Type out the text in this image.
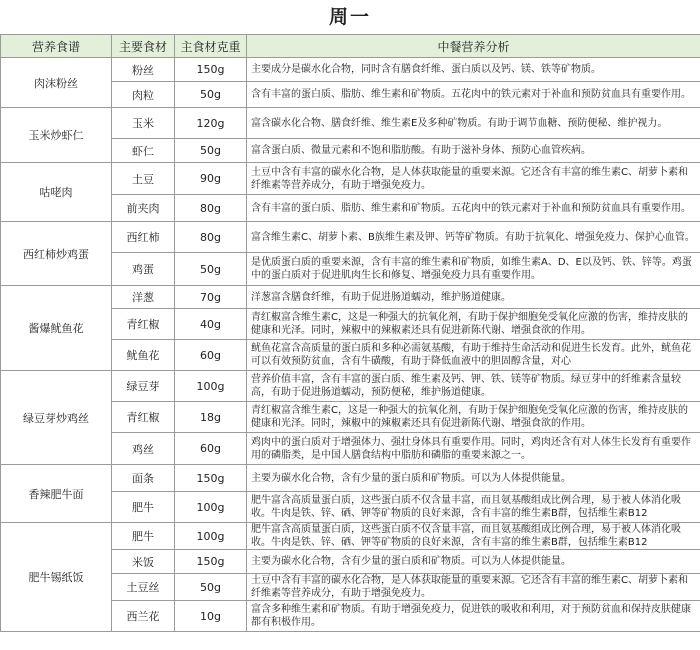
周一
营养食谱	主要食材	主食材克重	中餐营养分析
肉沫粉丝	粉丝	150g	主要成分是碳水化合物，同时含有膳食纤维、蛋白质以及钙、镁、铁等矿物质。

	肉粒	50g	含有丰富的蛋白质、脂肪、维生素和矿物质。五花肉中的铁元素对于补血和预防贫血具有重要作用。

玉米炒虾仁	玉米	120g	富含碳水化合物、膳食纤维、维生素E及多种矿物质。有助于调节血糖、预防便秘、维护视力。

	虾仁	50g	富含蛋白质、微量元素和不饱和脂肪酸。有助于滋补身体、预防心血管疾病。

咕咾肉	土豆	90g	土豆中含有丰富的碳水化合物，是人体获取能量的重要来源。它还含有丰富的维生素C、胡萝卜素和纤维素等营养成分，有助于增强免疫力。

	前夹肉	80g	含有丰富的蛋白质、脂肪、维生素和矿物质。五花肉中的铁元素对于补血和预防贫血具有重要作用。

西红柿炒鸡蛋	西红柿	80g	富含维生素C、胡萝卜素、B族维生素及钾、钙等矿物质。有助于抗氧化、增强免疫力、保护心血管。

	鸡蛋	50g	是优质蛋白质的重要来源，含有丰富的维生素和矿物质，如维生素A、D、E以及钙、铁、锌等。鸡蛋中的蛋白质对于促进肌肉生长和修复、增强免疫力具有重要作用。

酱爆鱿鱼花	洋葱	70g	洋葱富含膳食纤维，有助于促进肠道蠕动，维护肠道健康。

	青红椒	40g	青红椒富含维生素C，这是一种强大的抗氧化剂，有助于保护细胞免受氧化应激的伤害，维持皮肤的健康和光泽。同时，辣椒中的辣椒素还具有促进新陈代谢、增强食欲的作用。

	鱿鱼花	60g	鱿鱼花富含高质量的蛋白质和多种必需氨基酸，有助于维持生命活动和促进生长发育。此外，鱿鱼花可以有效预防贫血，含有牛磺酸，有助于降低血液中的胆固醇含量，对心

绿豆芽炒鸡丝	绿豆芽	100g	营养价值丰富，含有丰富的蛋白质、维生素及钙、钾、铁、镁等矿物质。绿豆芽中的纤维素含量较高，有助于促进肠道蠕动，预防便秘，维护肠道健康。

	青红椒	18g	青红椒富含维生素C，这是一种强大的抗氧化剂，有助于保护细胞免受氧化应激的伤害，维持皮肤的健康和光泽。同时，辣椒中的辣椒素还具有促进新陈代谢、增强食欲的作用。

	鸡丝	60g	鸡肉中的蛋白质对于增强体力、强壮身体具有重要作用。同时，鸡肉还含有对人体生长发育有重要作用的磷脂类，是中国人膳食结构中脂肪和磷脂的重要来源之一。

香辣肥牛面	面条	150g	主要为碳水化合物，含有少量的蛋白质和矿物质。可以为人体提供能量。

	肥牛	100g	肥牛富含高质量蛋白质，这些蛋白质不仅含量丰富，而且氨基酸组成比例合理，易于被人体消化吸收。牛肉是铁、锌、硒、钾等矿物质的良好来源，含有丰富的维生素B群，包括维生素B12

肥牛锡纸饭	肥牛	100g	肥牛富含高质量蛋白质，这些蛋白质不仅含量丰富，而且氨基酸组成比例合理，易于被人体消化吸收。牛肉是铁、锌、硒、钾等矿物质的良好来源，含有丰富的维生素B群，包括维生素B12

	米饭	150g	主要为碳水化合物，含有少量的蛋白质和矿物质。可以为人体提供能量。

	土豆丝	50g	土豆中含有丰富的碳水化合物，是人体获取能量的重要来源。它还含有丰富的维生素C、胡萝卜素和纤维素等营养成分，有助于增强免疫力。

	西兰花	10g	富含多种维生素和矿物质。有助于增强免疫力，促进铁的吸收和利用，对于预防贫血和保持皮肤健康都有积极作用。
